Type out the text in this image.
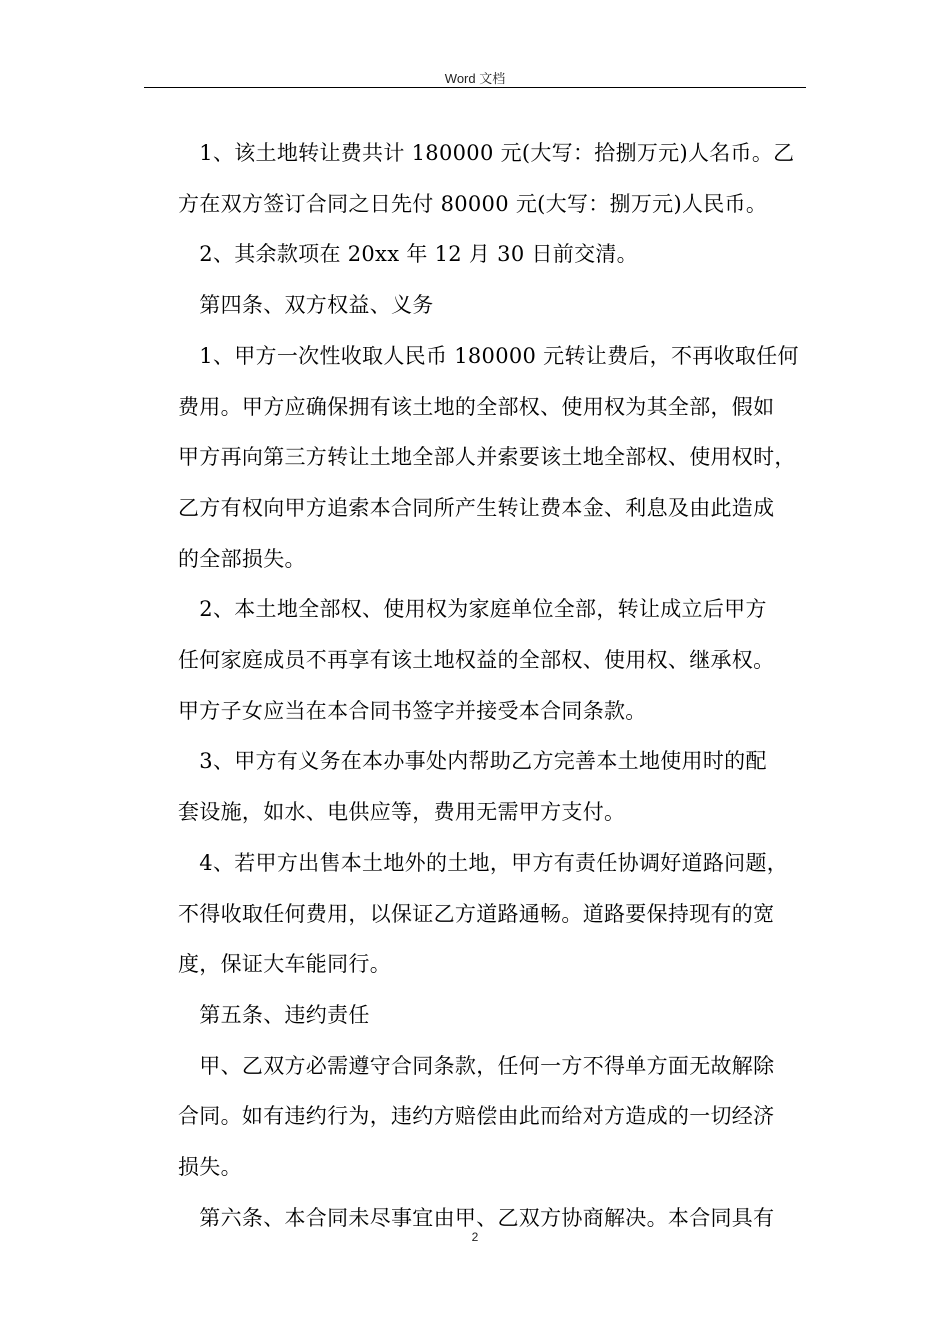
Word 文档

　1、该土地转让费共计 180000 元(大写：拾捌万元)人名币。乙

方在双方签订合同之日先付 80000 元(大写：捌万元)人民币。

　2、其余款项在 20xx 年 12 月 30 日前交清。

　第四条、双方权益、义务

　1、甲方一次性收取人民币 180000 元转让费后，不再收取任何

费用。甲方应确保拥有该土地的全部权、使用权为其全部，假如

甲方再向第三方转让土地全部人并索要该土地全部权、使用权时，

乙方有权向甲方追索本合同所产生转让费本金、利息及由此造成

的全部损失。

　2、本土地全部权、使用权为家庭单位全部，转让成立后甲方

任何家庭成员不再享有该土地权益的全部权、使用权、继承权。

甲方子女应当在本合同书签字并接受本合同条款。

　3、甲方有义务在本办事处内帮助乙方完善本土地使用时的配

套设施，如水、电供应等，费用无需甲方支付。

　4、若甲方出售本土地外的土地，甲方有责任协调好道路问题，

不得收取任何费用，以保证乙方道路通畅。道路要保持现有的宽

度，保证大车能同行。

　第五条、违约责任

　甲、乙双方必需遵守合同条款，任何一方不得单方面无故解除

合同。如有违约行为，违约方赔偿由此而给对方造成的一切经济

损失。

　第六条、本合同未尽事宜由甲、乙双方协商解决。本合同具有

2
